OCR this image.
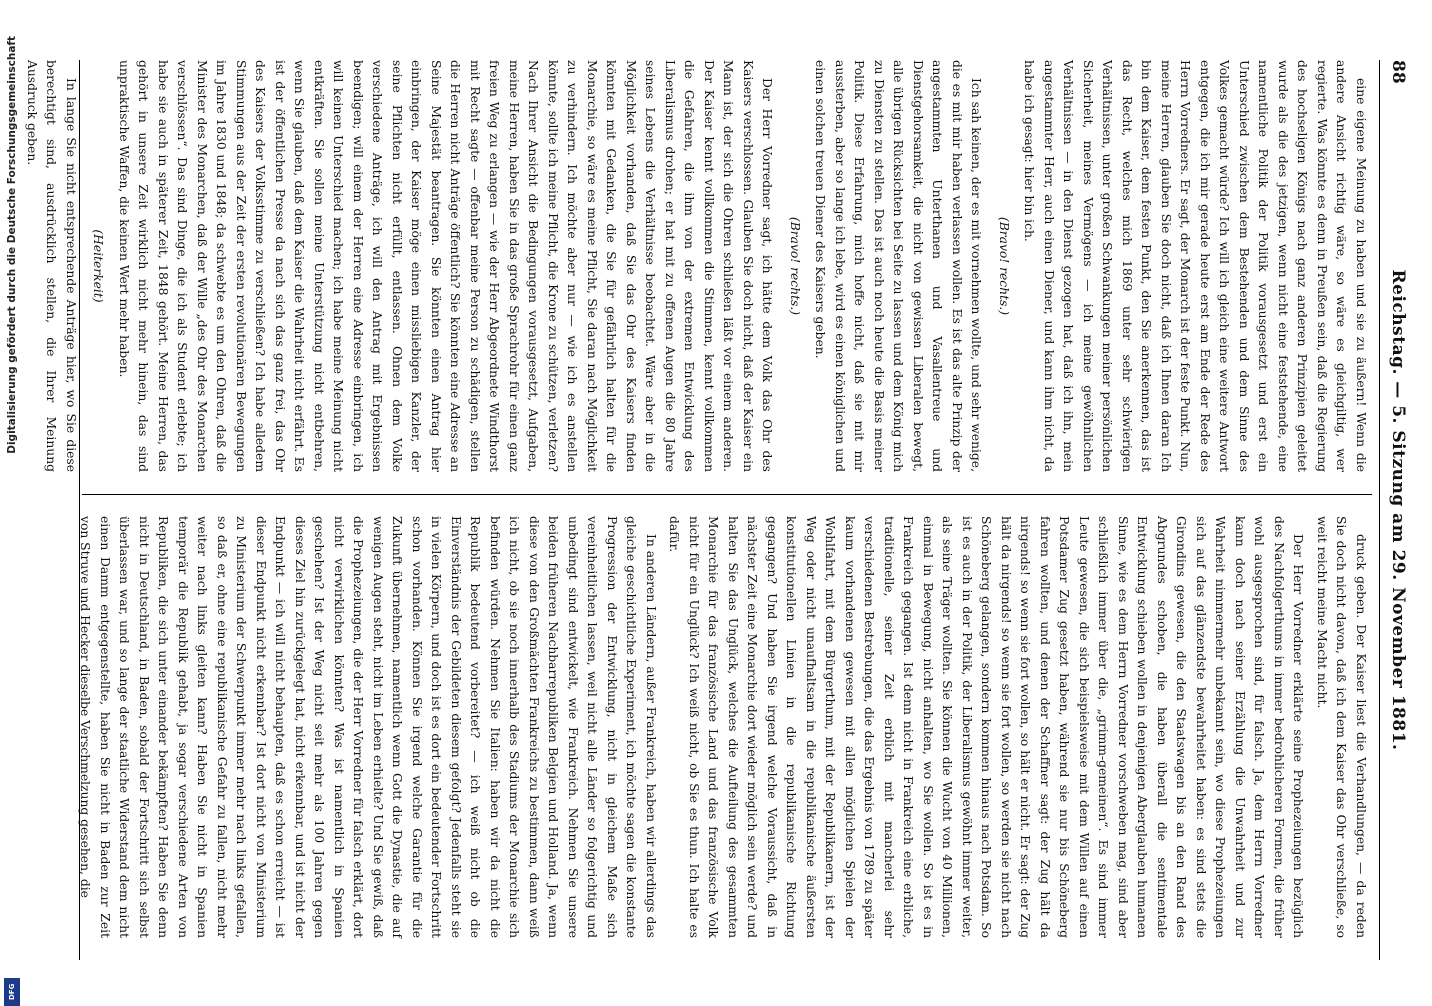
88
Reichstag. — 5. Sitzung am 29. November 1881.

eine eigene Meinung zu haben und sie zu äußern! Wenn die andere Ansicht richtig wäre, so wäre es gleichgiltig, wer regierte. Was könnte es denn in Preußen sein, daß die Regierung des hochseligen Königs nach ganz anderen Prinzipien geleitet wurde als die des jetzigen, wenn nicht eine feststehende, eine namentliche Politik der Politik vorausgesetzt und erst ein Unterschied zwischen dem Bestehenden und dem Sinne des Volkes gemacht würde? Ich will ich gleich eine weitere Antwort entgegen, die ich mir gerade heute erst am Ende der Rede des Herrn Vorredners. Er sagt, der Monarch ist der feste Punkt. Nun, meine Herren, glauben Sie doch nicht, daß ich Ihnen daran Ich bin dem Kaiser, dem festen Punkt, den Sie anerkennen, das ist das Recht, welches mich 1869 unter sehr schwierigen Verhältnissen, unter großen Schwankungen meiner persönlichen Sicherheit, meines Vermögens — ich meine gewöhnlichen Verhältnissen — in den Dienst gezogen hat, daß ich ihn, mein angestammter Herr, auch einen Diener, und kann ihm nicht, da habe ich gesagt: hier bin ich.

(Bravo! rechts.)

Ich sah keinen, der es mit vornehmen wollte, und sehr wenige, die es mit mir haben verlassen wollen. Es ist das alte Prinzip der angestammten Unterthanen und Vasallentreue und Dienstgehorsamkeit, die nicht von gewissen Liberalen bewegt, alle übrigen Rücksichten bei Seite zu lassen und dem König mich zu Diensten zu stellen. Das ist auch noch heute die Basis meiner Politik. Diese Erfahrung, mich hoffe nicht, daß sie mit mir aussterben, aber so lange ich lebe, wird es einen königlichen und einen solchen treuen Diener des Kaisers geben.

(Bravo! rechts.)

Der Herr Vorredner sagt, ich hätte dem Volk das Ohr des Kaisers verschlossen. Glauben Sie doch nicht, daß der Kaiser ein Mann ist, der sich die Ohren schließen läßt vor einem anderen. Der Kaiser kennt vollkommen die Stimmen, kennt vollkommen die Gefahren, die ihm von der extremen Entwicklung des Liberalismus drohen; er hat mit zu offenen Augen die 80 Jahre seines Lebens die Verhältnisse beobachtet. Wäre aber in die Möglichkeit vorhanden, daß Sie das Ohr des Kaisers finden könnten mit Gedanken, die Sie für gefährlich halten für die Monarchie, so wäre es meine Pflicht, Sie daran nach Möglichkeit zu verhindern. Ich möchte aber nur — wie ich es anstellen könnte, sollte ich meine Pflicht, die Krone zu schützen, verletzen? Nach Ihrer Ansicht die Bedingungen vorausgesetzt, Aufgaben, meine Herren, haben Sie in das große Sprachrohr für einen ganz freien Weg zu erlangen — wie der Herr Abgeordnete Windthorst mit Recht sagte — offenbar meine Person zu schädigen, stellen die Herren nicht Anträge öffentlich? Sie könnten eine Adresse an Seine Majestät beantragen. Sie könnten einen Antrag hier einbringen, der Kaiser möge einen missliebigen Kanzler, der seine Pflichten nicht erfüllt, entlassen. Ohnen dem Volke verschiedene Anträge, ich will den Antrag mit Ergebnissen beendigen; will einem der Herren eine Adresse einbringen, ich will keinen Unterschied machen; ich habe meine Meinung nicht entkräften. Sie sollen meine Unterstützung nicht entbehren, wenn Sie glauben, daß dem Kaiser die Wahrheit nicht erfährt. Es ist der öffentlichen Presse da nach sich das ganz frei, das Ohr des Kaisers der Volksstimme zu verschließen? Ich habe alledem Stimmungen aus der Zeit der ersten revolutionären Bewegungen im Jahre 1830 und 1848; da schwebte es um den Ohren, daß die Minister des Monarchen, daß der Wille „des Ohr des Monarchen verschlössen“. Das sind Dinge, die ich als Student erlebte; ich habe sie auch in späterer Zeit, 1848 gehört. Meine Herren, das gehört in unsere Zeit wirklich nicht mehr hinein, das sind unpraktische Waffen, die keinen Wert mehr haben.

(Heiterkeit)

In lange Sie nicht entsprechende Anträge hier, wo Sie diese berechtigt sind, ausdrücklich stellen, die Ihrer Meinung Ausdruck geben.

druck geben. Der Kaiser liest die Verhandlungen, — da reden Sie doch nicht davon, daß ich dem Kaiser das Ohr verschließe, so weit reicht meine Macht nicht.

Der Herr Vorredner erklärte seine Prophezeiungen bezüglich des Nachfolgerthums in immer bedrohlicheren Formen, die früher wohl ausgesprochen sind, für falsch. Ja, dem Herrn Vorredner kann doch nach seiner Erzählung die Unwahrheit und zur Wahrheit nimmermehr unbekannt sein, wo diese Prophezeiungen sich auf das glänzendste bewahrheitet haben: es sind stets die Girondins gewesen, die den Staatswagen bis an den Rand des Abgrundes schoben, die haben überall die sentimentale Entwicklung schieben wollen in denjenigen Aberglauben humanen Sinne, wie es dem Herrn Vorredner vorschweben mag, sind aber schließlich immer über die, „grimm-gemeinen“. Es sind immer Leute gewesen, die sich beispielsweise mit dem Willen auf einen Potsdamer Zug gesetzt haben, während sie nur bis Schöneberg fahren wollten, und denen der Schaffner sagt: der Zug hält da nirgends! so wenn sie fort wollen, so hält er nicht. Er sagt: der Zug hält da nirgends! so wenn sie fort wollen, so werden sie nicht nach Schöneberg gelangen, sondern kommen hinaus nach Potsdam. So ist es auch in der Politik, der Liberalismus gewöhnt immer weiter, als seine Träger wollten. Sie können die Wucht von 40 Millionen, einmal in Bewegung, nicht anhalten, wo Sie wollen. So ist es in Frankreich gegangen. Ist denn nicht in Frankreich eine erbliche, traditionelle, seiner Zeit erblich mit mancherlei sehr verschiedenen Bestrebungen, die das Ergebnis von 1789 zu später kaum vorhandenen gewesen mit allen möglichen Spielen der Wohlfahrt, mit dem Bürgerthum, mit der Republikanern, ist der Weg oder nicht unaufhaltsam in die republikanische äußersten konstitutionellen Linien in die republikanische Richtung gegangen? Und haben Sie irgend welche Voraussicht, daß in nächster Zeit eine Monarchie dort wieder möglich sein werde? und halten Sie das Unglück, welches die Aufteilung des gesammten Monarchie für das französische Land und das französische Volk nicht für ein Unglück? Ich weiß nicht, ob Sie es thun. Ich halte es dafür.

In anderen Ländern, außer Frankreich, haben wir allerdings das gleiche geschichtliche Experiment, ich möchte sagen die konstante Progression der Entwicklung, nicht in gleichem Maße sich vereinheitlichen lassen, weil nicht alle Länder so folgerichtig und unbedingt sind entwickelt, wie Frankreich. Nehmen Sie unsere beiden früheren Nachbarrepubliken Belgien und Holland. Ja, wenn diese von den Großmächten Frankreichs zu bestimmen, dann weiß ich nicht, ob sie noch innerhalb des Stadiums der Monarchie sich befinden würden. Nehmen Sie Italien: haben wir da nicht die Republik bedeutend vorbereitet? — ich weiß nicht ob die Einverständnis der Gebildeten diesem gefolgt? Jedenfalls steht sie in vielen Körpern, und doch ist es dort ein bedeutender Fortschritt schon vorhanden. Können Sie irgend welche Garantie für die Zukunft übernehmen, namentlich wenn Gott die Dynastie, die auf wenigen Augen steht, nicht im Leben erhielte? Und Sie gewiß, daß die Prophezeiungen, die der Herr Vorredner für falsch erklärt, dort nicht verwirklichen könnten? Was ist namentlich in Spanien geschehen? Ist der Weg nicht seit mehr als 100 Jahren gegen dieses Ziel hin zurückgelegt hat, nicht erkennbar, und ist nicht der Endpunkt — ich will nicht behaupten, daß es schon erreicht — ist dieser Endpunkt nicht erkennbar? Ist dort nicht von Ministerium zu Ministerium der Schwerpunkt immer mehr nach links gefallen, so daß er, ohne eine republikanische Gefahr zu fallen, nicht mehr weiter nach links gleiten kann? Haben Sie nicht in Spanien temporär die Republik gehabt, ja sogar verschiedene Arten von Republiken, die sich unter einander bekämpften? Haben Sie denn nicht in Deutschland, in Baden, sobald der Fortschritt sich selbst überlassen war, und so lange der staatliche Widerstand dem nicht einen Damm entgegenstellte, haben Sie nicht in Baden zur Zeit von Struve und Hecker dieselbe Verschmelzung gesehen, die

Digitalisierung gefördert durch die Deutsche Forschungsgemeinschaft
DFG
